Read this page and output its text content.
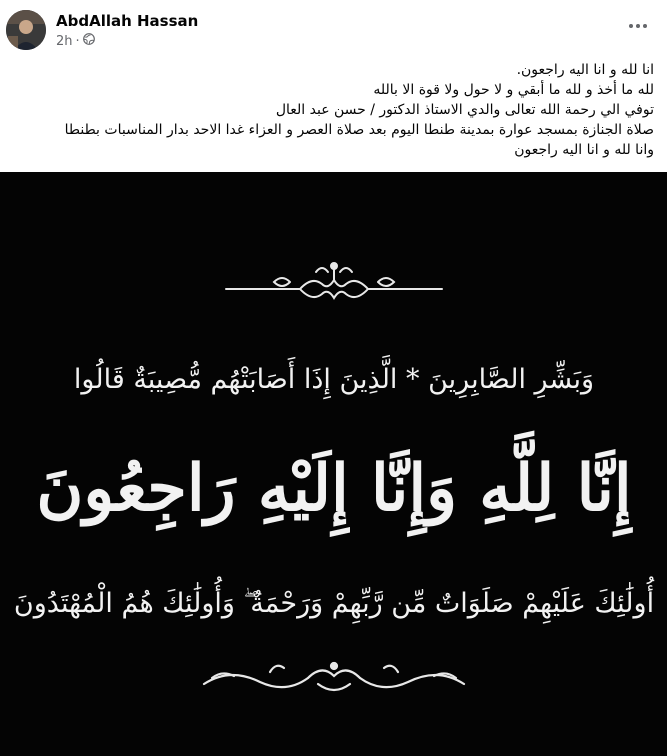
AbdAllah Hassan
2h ·
انا لله و انا اليه راجعون.
لله ما أخذ و لله ما أبقي و لا حول ولا قوة الا بالله
توفي الي رحمة الله تعالى والدي الاستاذ الدكتور / حسن عبد العال
صلاة الجنازة بمسجد عوارة بمدينة طنطا اليوم بعد صلاة العصر و العزاء غدا الاحد بدار المناسبات بطنطا
وانا لله و انا اليه راجعون
وَبَشِّرِ الصَّابِرِينَ * الَّذِينَ إِذَا أَصَابَتْهُم مُّصِيبَةٌ قَالُوا
إِنَّا لِلَّهِ وَإِنَّا إِلَيْهِ رَاجِعُونَ
أُولَٰئِكَ عَلَيْهِمْ صَلَوَاتٌ مِّن رَّبِّهِمْ وَرَحْمَةٌ ۖ وَأُولَٰئِكَ هُمُ الْمُهْتَدُونَ
